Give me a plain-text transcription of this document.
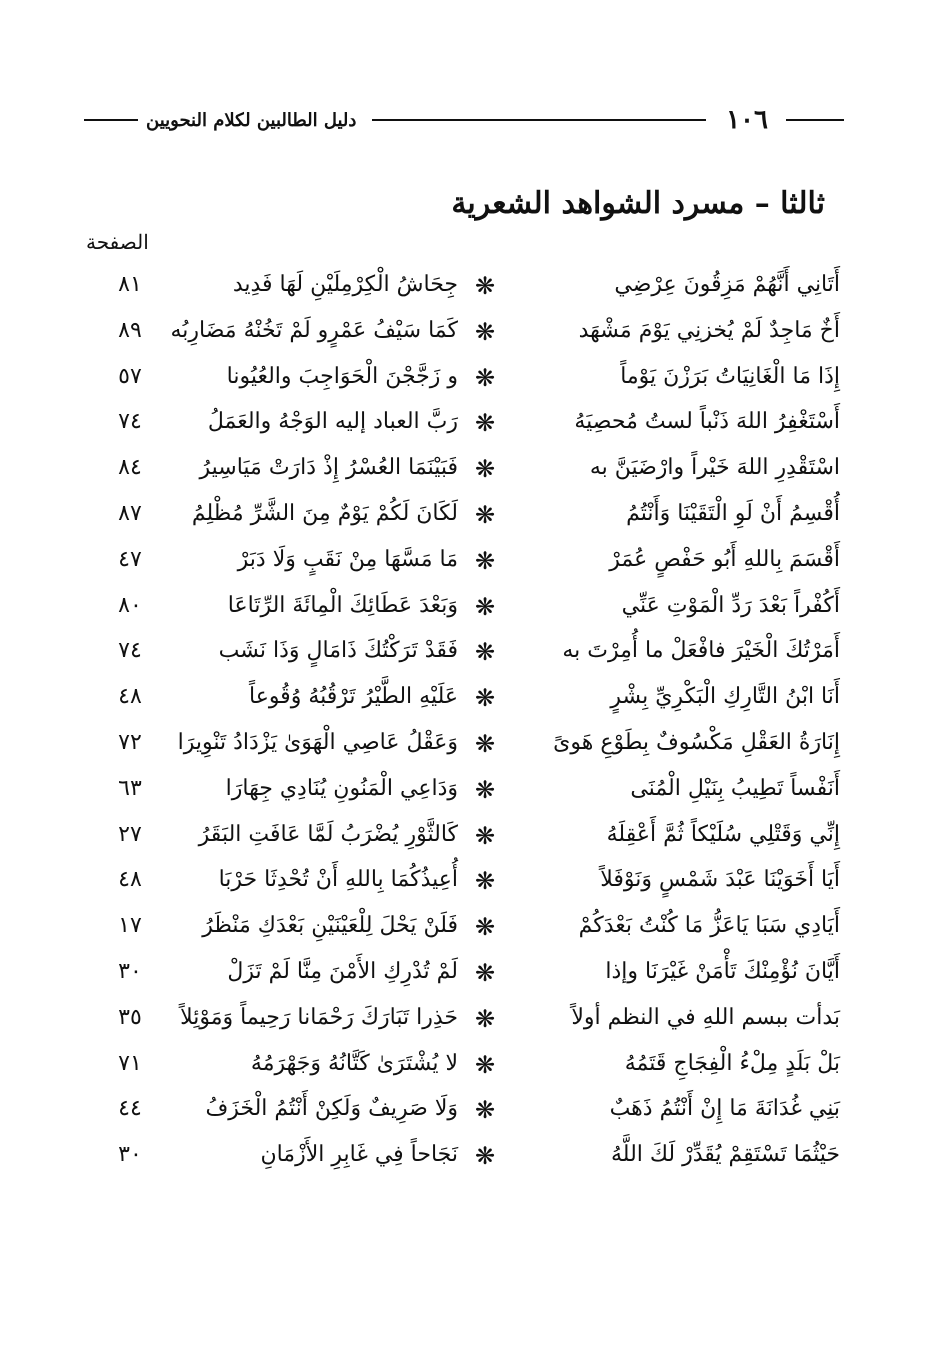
١٠٦
دليل الطالبين لكلام النحويين
ثالثا – مسرد الشواهد الشعرية
الصفحة
أَتَانِي أَنَّهُمْ مَزِقُونَ عِرْضِي
❋
جِحَاشُ الْكِرْمِلَيْنِ لَهَا فَدِيد
٨١
أَخٌ مَاجِدٌ لَمْ يُخزنِي يَوْمَ مَشْهَد
❋
كَمَا سَيْفُ عَمْرٍو لَمْ تَخُنْهُ مَضَارِبُه
٨٩
إِذَا مَا الْغَانِيَاتُ بَرَزْنَ يَوْماً
❋
و زَجَّجْنَ الْحَوَاجِبَ والعُيُونا
٥٧
أَسْتَغْفِرُ اللهَ ذَنْباً لستُ مُحصِيَهُ
❋
رَبَّ العباد إليه الوَجْهُ والعَمَلُ
٧٤
اسْتَقْدِرِ اللهَ خَيْراً وارْضَيَنَّ به
❋
فَبَيْنَمَا العُسْرُ إِذْ دَارَتْ مَيَاسِيرُ
٨٤
أُقْسِمُ أَنْ لَوِ الْتَقَيْنَا وَأَنْتُمُ
❋
لَكَانَ لَكُمْ يَوْمٌ مِنَ الشَّرِّ مُظْلِمُ
٨٧
أَقْسَمَ بِاللهِ أَبُو حَفْصٍ عُمَرْ
❋
مَا مَسَّهَا مِنْ نَقَبٍ وَلَا دَبَرْ
٤٧
أَكُفْراً بَعْدَ رَدِّ الْمَوْتِ عَنِّي
❋
وَبَعْدَ عَطَائِكَ الْمِائَةَ الرِّتَاعَا
٨٠
أَمَرْتُكَ الْخَيْرَ فافْعَلْ ما أُمِرْتَ به
❋
فَقَدْ تَرَكْتُكَ ذَامَالٍ وَذَا نَشَب
٧٤
أَنَا ابْنُ التَّارِكِ الْبَكْرِيِّ بِشْرٍ
❋
عَلَيْهِ الطَّيْرُ تَرْقُبُهُ وُقُوعاً
٤٨
إِنَارَةُ العَقْلِ مَكْسُوفٌ بِطَوْعِ هَوىً
❋
وَعَقْلُ عَاصِي الْهَوَىٰ يَزْدَادُ تَنْوِيرَا
٧٢
أَنَفْساً تَطِيبُ بِنَيْلِ الْمُنَى
❋
وَدَاعِي الْمَنُونِ يُنَادِي جِهَارَا
٦٣
إِنِّي وَقَتْلِي سُلَيْكاً ثُمَّ أَعْقِلَهُ
❋
كَالثَّوْرِ يُضْرَبُ لَمَّا عَافَتِ البَقَرُ
٢٧
أَيَا أَخَوَيْنَا عَبْدَ شَمْسٍ وَنَوْفَلاً
❋
أُعِيذُكُمَا بِاللهِ أَنْ تُحْدِثَا حَرْبَا
٤٨
أَيَادِي سَبَا يَاعَزُّ مَا كُنْتُ بَعْدَكُمْ
❋
فَلَنْ يَحْلَ لِلْعَيْنَيْنِ بَعْدَكِ مَنْظَرُ
١٧
أَيَّانَ نُؤْمِنْكَ تَأْمَنْ غَيْرَنَا وإذا
❋
لَمْ تُدْرِكِ الأَمْنَ مِنَّا لَمْ تَزَلْ
٣٠
بَدأت ببسم اللهِ في النظم أولاً
❋
حَذِرا تَبَارَكَ رَحْمَانا رَحِيماً وَمَوْئِلاً
٣٥
بَلْ بَلَدٍ مِلْءُ الْفِجَاجِ قَتَمُهُ
❋
لا يُشْتَرَىٰ كَتَّانُهُ وَجَهْرَمُهُ
٧١
بَنِي غُدَانَةَ مَا إِنْ أَنْتُمُ ذَهَبٌ
❋
وَلَا صَرِيفٌ وَلَكِنْ أَنْتُمُ الْخَزَفُ
٤٤
حَيْثُمَا تَسْتَقِمْ يُقَدِّرْ لَكَ اللَّهُ
❋
نَجَاحاً فِي غَابِرِ الأَزْمَانِ
٣٠
